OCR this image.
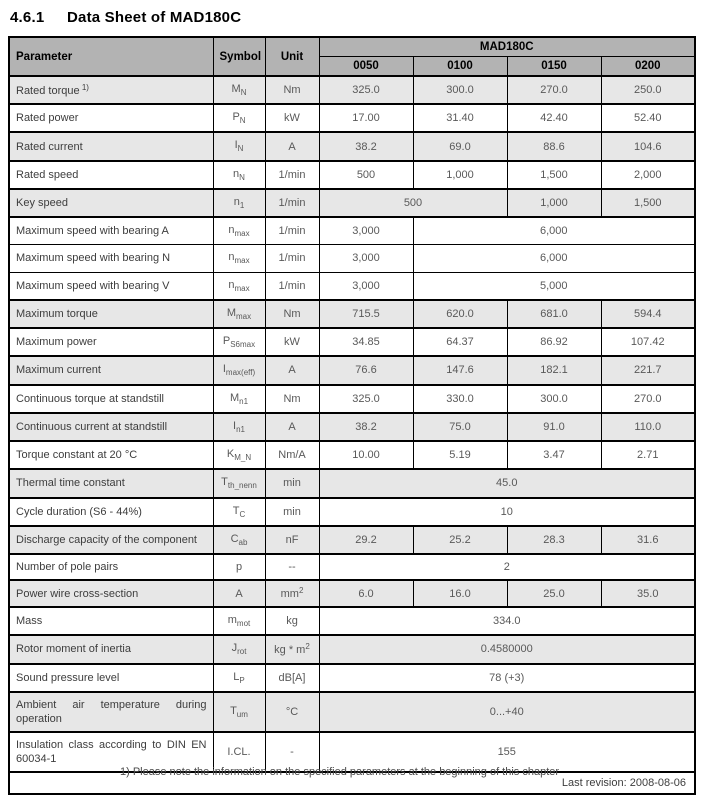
4.6.1 Data Sheet of MAD180C
Parameter	Symbol	Unit	MAD180C			
			0050	0100	0150	0200
Rated torque $^{1)}$	$M_N$	Nm	325.0	300.0	270.0	250.0
Rated power	$P_N$	kW	17.00	31.40	42.40	52.40
Rated current	$I_N$	A	38.2	69.0	88.6	104.6
Rated speed	$n_N$	1/min	500	1,000	1,500	2,000
Key speed	$n_1$	1/min	500		1,000	1,500
Maximum speed with bearing A	$n_{max}$	1/min	3,000	6,000		
Maximum speed with bearing N	$n_{max}$	1/min	3,000	6,000		
Maximum speed with bearing V	$n_{max}$	1/min	3,000	5,000		
Maximum torque	$M_{max}$	Nm	715.5	620.0	681.0	594.4
Maximum power	$P_{S6max}$	kW	34.85	64.37	86.92	107.42
Maximum current	$I_{max(eff)}$	A	76.6	147.6	182.1	221.7
Continuous torque at standstill	$M_{n1}$	Nm	325.0	330.0	300.0	270.0
Continuous current at standstill	$I_{n1}$	A	38.2	75.0	91.0	110.0
Torque constant at 20 °C	$K_{M\_N}$	Nm/A	10.00	5.19	3.47	2.71
Thermal time constant	$T_{th\_nenn}$	min	45.0			
Cycle duration (S6 - 44%)	$T_C$	min	10			
Discharge capacity of the component	$C_{ab}$	nF	29.2	25.2	28.3	31.6
Number of pole pairs	p	--	2			
Power wire cross-section	A	$mm^2$	6.0	16.0	25.0	35.0
Mass	$m_{mot}$	kg	334.0			
Rotor moment of inertia	$J_{rot}$	kg * $m^2$	0.4580000			
Sound pressure level	$L_P$	dB[A]	78 (+3)			
Ambient air temperature during operation	$T_{um}$	°C	0...+40			
Insulation class according to DIN EN 60034-1	I.CL.	-	155			
Last revision: 2008-08-06						
1) Please note the information on the specified parameters at the beginning of this chapter
